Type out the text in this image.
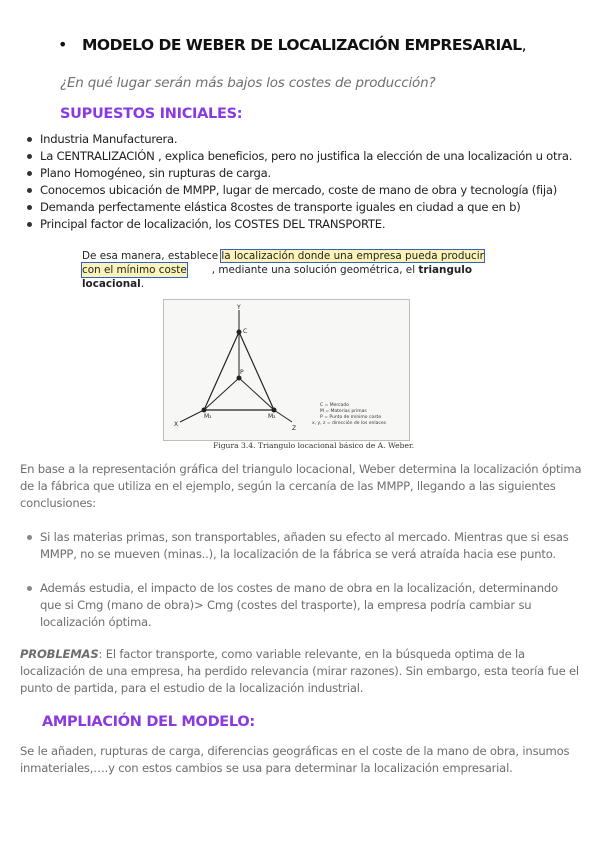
• MODELO DE WEBER DE LOCALIZACIÓN EMPRESARIAL,
¿En qué lugar serán más bajos los costes de producción?
SUPUESTOS INICIALES:
Industria Manufacturera.
La CENTRALIZACIÓN , explica beneficios, pero no justifica la elección de una localización u otra.
Plano Homogéneo, sin rupturas de carga.
Conocemos ubicación de MMPP, lugar de mercado, coste de mano de obra y tecnología (fija)
Demanda perfectamente elástica 8costes de transporte iguales en ciudad a que en b)
Principal factor de localización, los COSTES DEL TRANSPORTE.
De esa manera, establece la localización donde una empresa pueda producir
con el mínimo coste , mediante una solución geométrica, el triangulo
locacional.
Y
C
P
M₁	M₂
X
Z
C = Mercado
M = Materias primas
P = Punto de mínimo coste
x, y, z = dirección de los enlaces
Figura 3.4. Triangulo locacional básico de A. Weber.
En base a la representación gráfica del triangulo locacional, Weber determina la localización óptima de la fábrica que utiliza en el ejemplo, según la cercanía de las MMPP, llegando a las siguientes conclusiones:
Si las materias primas, son transportables, añaden su efecto al mercado. Mientras que si esas MMPP, no se mueven (minas..), la localización de la fábrica se verá atraída hacia ese punto.
Además estudia, el impacto de los costes de mano de obra en la localización, determinando que si Cmg (mano de obra)> Cmg (costes del trasporte), la empresa podría cambiar su localización óptima.
PROBLEMAS: El factor transporte, como variable relevante, en la búsqueda optima de la localización de una empresa, ha perdido relevancia (mirar razones). Sin embargo, esta teoría fue el punto de partida, para el estudio de la localización industrial.
AMPLIACIÓN DEL MODELO:
Se le añaden, rupturas de carga, diferencias geográficas en el coste de la mano de obra, insumos inmateriales,….y con estos cambios se usa para determinar la localización empresarial.
